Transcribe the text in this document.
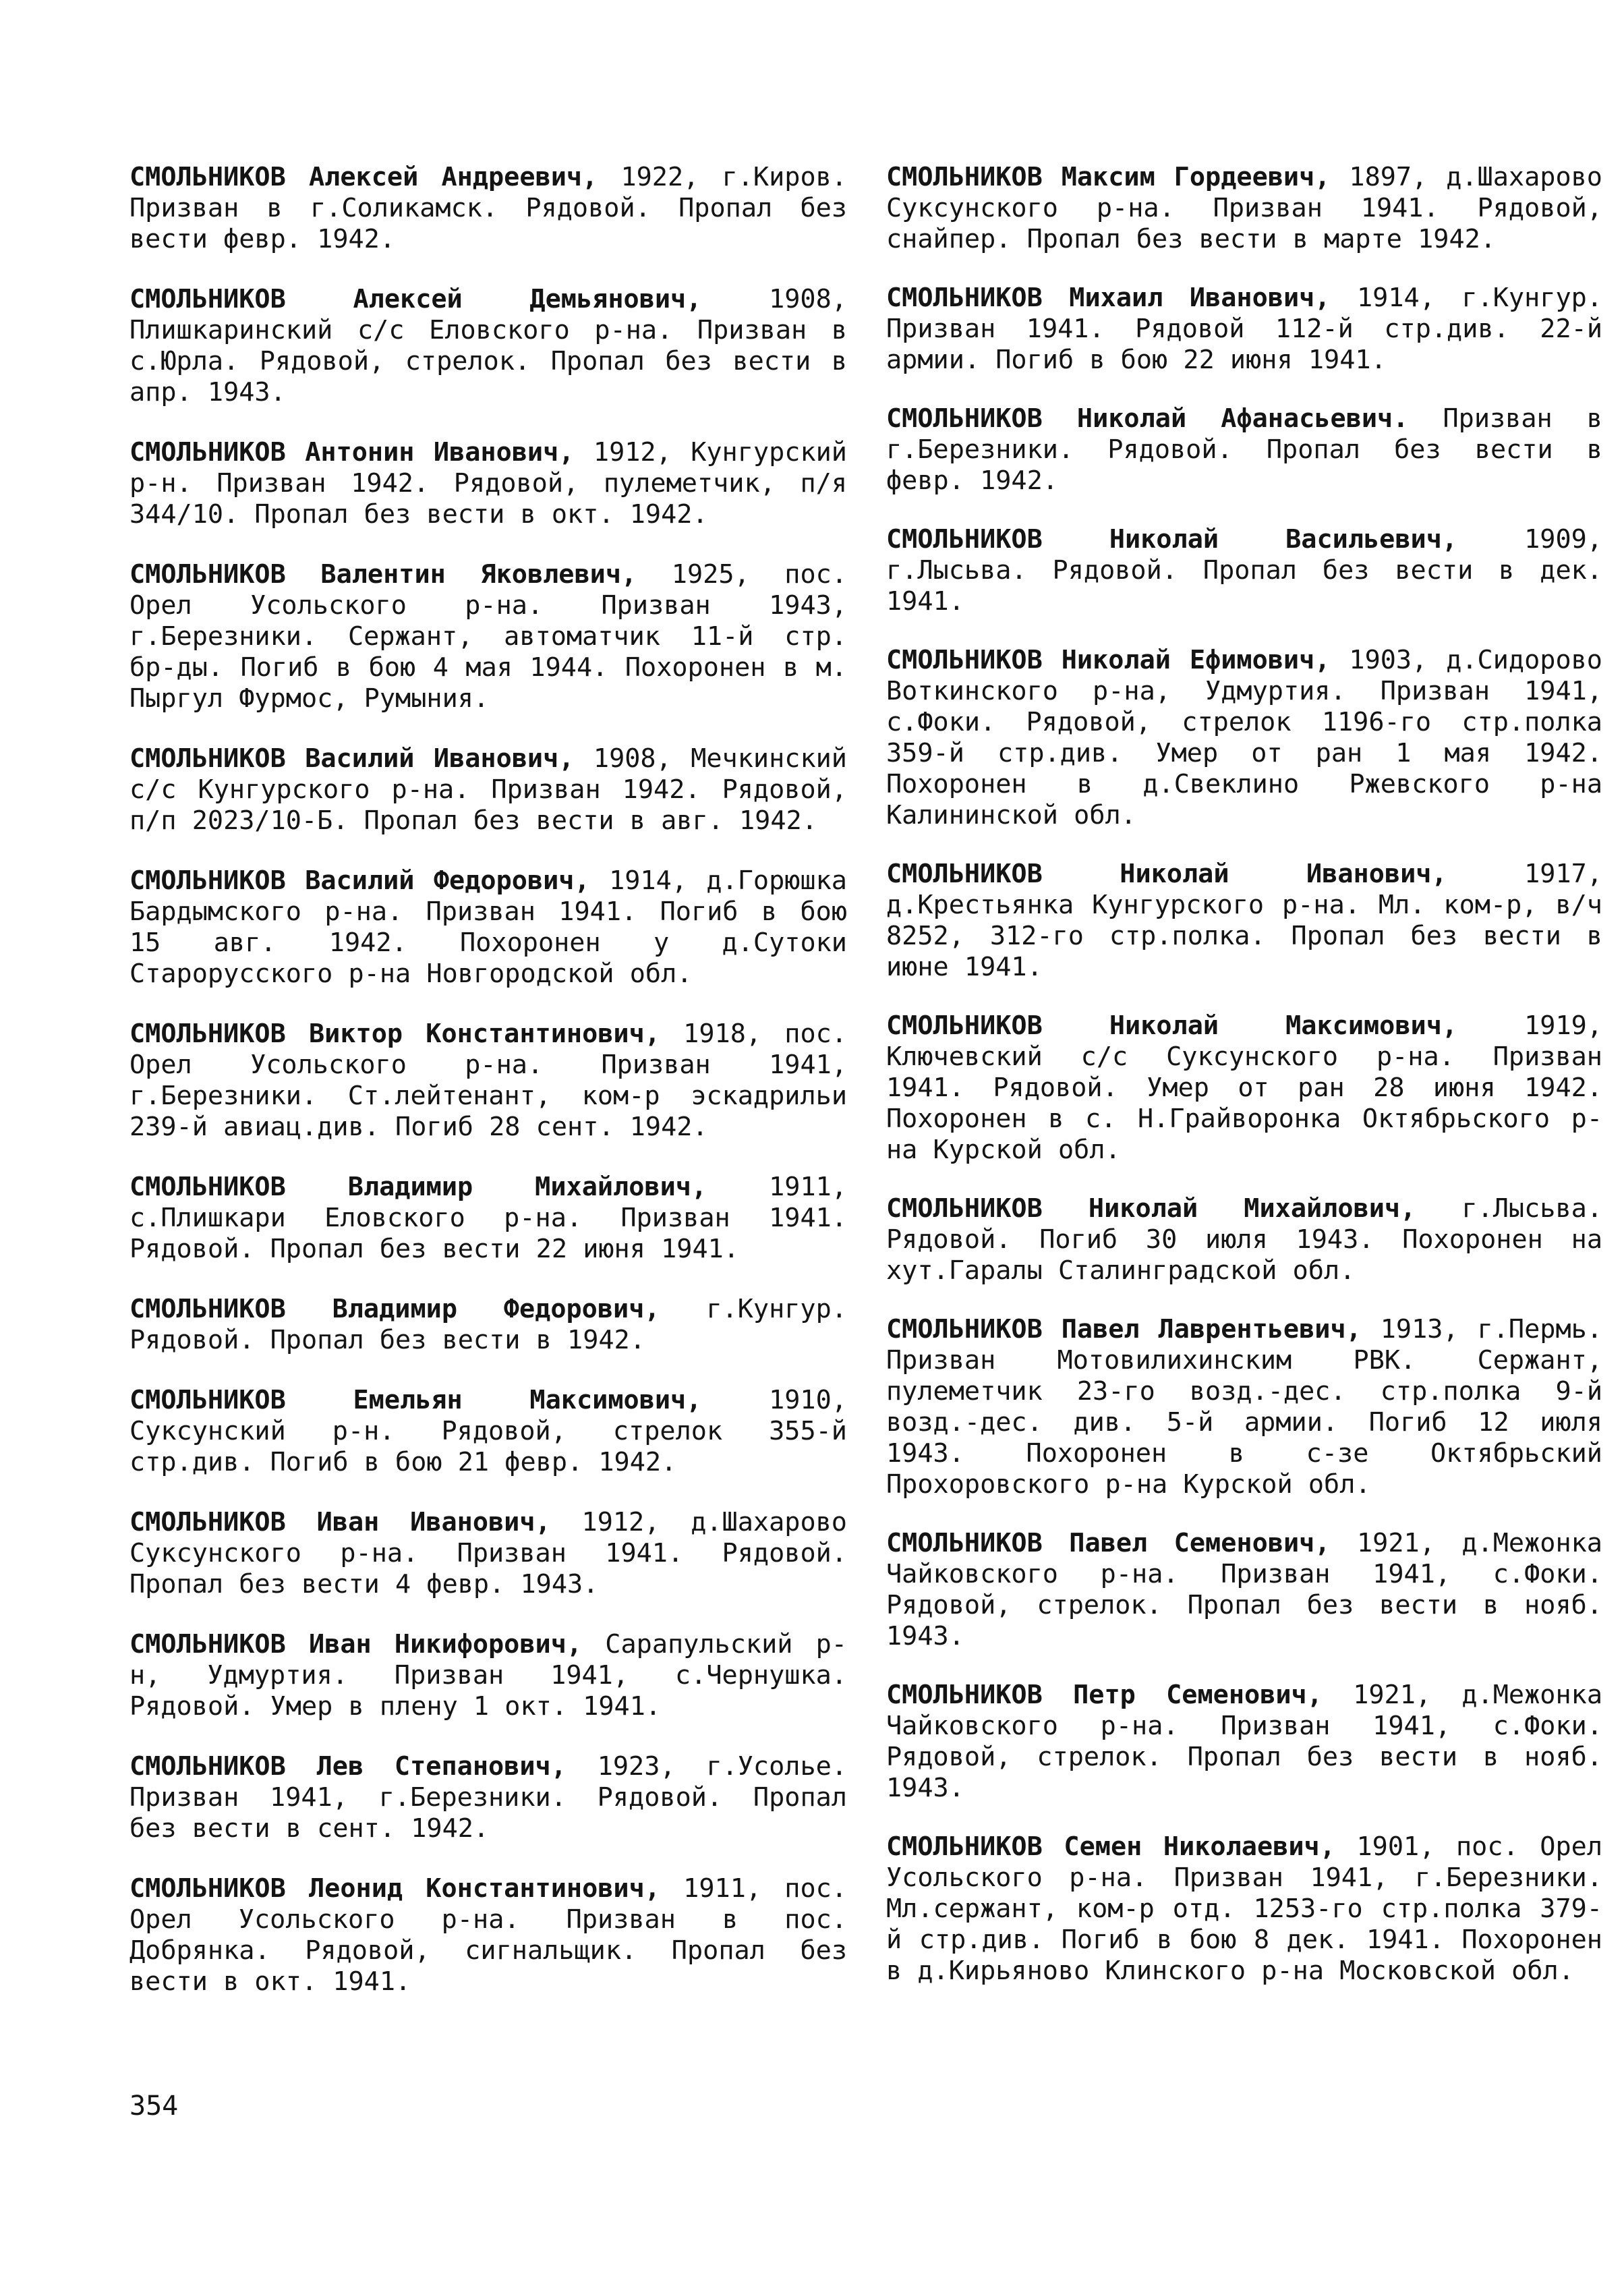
СМОЛЬНИКОВ Алексей Андреевич, 1922, г.Киров. Призван в г.Соликамск. Рядовой. Пропал без вести февр. 1942.

СМОЛЬНИКОВ	Алексей Демьянович,	1908, Плишкаринский с/с Еловского р-на. Призван в с.Юрла. Рядовой, стрелок. Пропал без вести в апр. 1943.

СМОЛЬНИКОВ Антонин Иванович, 1912, Кунгурский р-н. Призван 1942. Рядовой, пулеметчик, п/я 344/10. Пропал без вести в окт. 1942.

СМОЛЬНИКОВ Валентин Яковлевич, 1925, пос. Орел Усольского р-на. Призван 1943, г.Березники. Сержант, автоматчик 11-й стр. бр-ды. Погиб в бою 4 мая 1944. Похоронен в м. Пыргул Фурмос, Румыния.

СМОЛЬНИКОВ Василий Иванович, 1908, Мечкинский с/с Кунгурского р-на. Призван 1942. Рядовой, п/п 2023/10-Б. Пропал без вести в авг. 1942.

СМОЛЬНИКОВ Василий Федорович, 1914, д.Горюшка Бардымского р-на. Призван 1941. Погиб в бою 15 авг. 1942. Похоронен у д.Сутоки Старорусского р-на Новгородской обл.

СМОЛЬНИКОВ Виктор Константинович, 1918, пос. Орел Усольского р-на. Призван 1941, г.Березники. Ст.лейтенант, ком-р эскадрильи 239-й авиац.див. Погиб 28 сент. 1942.

СМОЛЬНИКОВ Владимир Михайлович, 1911, с.Плишкари Еловского р-на. Призван 1941. Рядовой. Пропал без вести 22 июня 1941.

СМОЛЬНИКОВ Владимир Федорович, г.Кунгур. Рядовой. Пропал без вести в 1942.

СМОЛЬНИКОВ	Емельян Максимович,	1910, Суксунский р-н. Рядовой, стрелок 355-й стр.див. Погиб в бою 21 февр. 1942.

СМОЛЬНИКОВ Иван Иванович, 1912, д.Шахарово Суксунского р-на. Призван 1941. Рядовой. Пропал без вести 4 февр. 1943.

СМОЛЬНИКОВ Иван Никифорович, Сарапульский р-н, Удмуртия. Призван 1941, с.Чернушка. Рядовой. Умер в плену 1 окт. 1941.

СМОЛЬНИКОВ Лев Степанович, 1923, г.Усолье. Призван 1941, г.Березники. Рядовой. Пропал без вести в сент. 1942.

СМОЛЬНИКОВ Леонид Константинович, 1911, пос. Орел Усольского р-на. Призван в пос. Добрянка. Рядовой, сигнальщик. Пропал без вести в окт. 1941.

СМОЛЬНИКОВ Максим Гордеевич, 1897, д.Шахарово Суксунского р-на. Призван 1941. Рядовой, снайпер. Пропал без вести в марте 1942.

СМОЛЬНИКОВ Михаил Иванович, 1914, г.Кунгур. Призван 1941. Рядовой 112-й стр.див. 22-й армии. Погиб в бою 22 июня 1941.

СМОЛЬНИКОВ Николай Афанасьевич. Призван в г.Березники. Рядовой. Пропал без вести в февр. 1942.

СМОЛЬНИКОВ	Николай Васильевич,	1909, г.Лысьва. Рядовой. Пропал без вести в дек. 1941.

СМОЛЬНИКОВ Николай Ефимович, 1903, д.Сидорово Воткинского р-на, Удмуртия. Призван 1941, с.Фоки. Рядовой, стрелок 1196-го стр.полка 359-й стр.див. Умер от ран 1 мая 1942. Похоронен в д.Свеклино Ржевского р-на Калининской обл.

СМОЛЬНИКОВ	Николай Иванович,	1917, д.Крестьянка Кунгурского р-на. Мл. ком-р, в/ч 8252, 312-го стр.полка. Пропал без вести в июне 1941.

СМОЛЬНИКОВ	Николай Максимович,	1919, Ключевский с/с Суксунского р-на. Призван 1941. Рядовой. Умер от ран 28 июня 1942. Похоронен в с. Н.Грайворонка Октябрьского р-на Курской обл.

СМОЛЬНИКОВ Николай Михайлович, г.Лысьва. Рядовой. Погиб 30 июля 1943. Похоронен на хут.Гаралы Сталинградской обл.

СМОЛЬНИКОВ Павел Лаврентьевич, 1913, г.Пермь. Призван Мотовилихинским РВК. Сержант, пулеметчик 23-го возд.-дес. стр.полка 9-й возд.-дес. див. 5-й армии. Погиб 12 июля 1943. Похоронен в с-зе Октябрьский Прохоровского р-на Курской обл.

СМОЛЬНИКОВ Павел Семенович, 1921, д.Межонка Чайковского р-на. Призван 1941, с.Фоки. Рядовой, стрелок. Пропал без вести в нояб. 1943.

СМОЛЬНИКОВ Петр Семенович, 1921, д.Межонка Чайковского р-на. Призван 1941, с.Фоки. Рядовой, стрелок. Пропал без вести в нояб. 1943.

СМОЛЬНИКОВ Семен Николаевич, 1901, пос. Орел Усольского р-на. Призван 1941, г.Березники. Мл.сержант, ком-р отд. 1253-го стр.полка 379-й стр.див. Погиб в бою 8 дек. 1941. Похоронен в д.Кирьяново Клинского р-на Московской обл.

354
